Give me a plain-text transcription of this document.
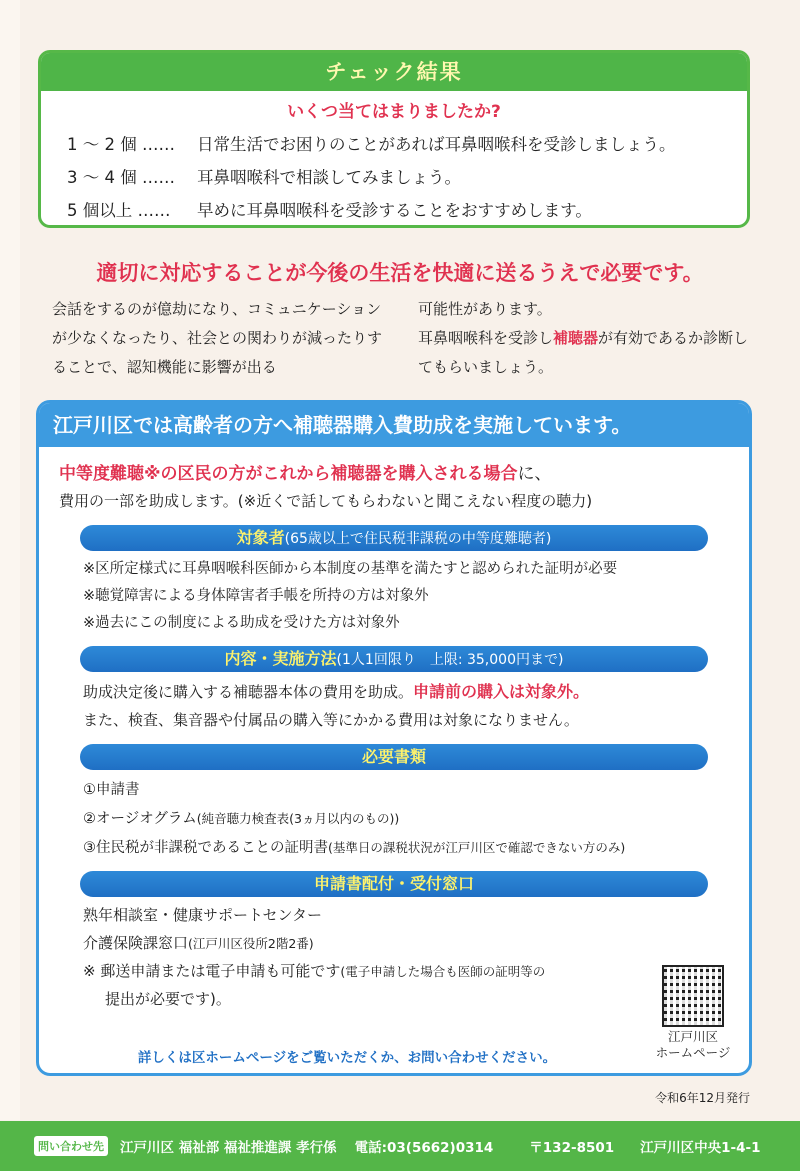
チェック結果
いくつ当てはまりましたか?
1 〜 2 個 ……	日常生活でお困りのことがあれば耳鼻咽喉科を受診しましょう。
3 〜 4 個 ……	耳鼻咽喉科で相談してみましょう。
5 個以上 ……	早めに耳鼻咽喉科を受診することをおすすめします。
適切に対応することが今後の生活を快適に送るうえで必要です。

会話をするのが億劫になり、コミュニケーションが少なくなったり、社会との関わりが減ったりすることで、認知機能に影響が出る

可能性があります。
耳鼻咽喉科を受診し補聴器が有効であるか診断してもらいましょう。
江戸川区では高齢者の方へ補聴器購入費助成を実施しています。
中等度難聴※の区民の方がこれから補聴器を購入される場合に、
費用の一部を助成します。(※近くで話してもらわないと聞こえない程度の聴力)
対象者(65歳以上で住民税非課税の中等度難聴者)
※区所定様式に耳鼻咽喉科医師から本制度の基準を満たすと認められた証明が必要
※聴覚障害による身体障害者手帳を所持の方は対象外
※過去にこの制度による助成を受けた方は対象外
内容・実施方法(1人1回限り　上限: 35,000円まで)
助成決定後に購入する補聴器本体の費用を助成。申請前の購入は対象外。
また、検査、集音器や付属品の購入等にかかる費用は対象になりません。
必要書類
①申請書
②オージオグラム(純音聴力検査表(3ヵ月以内のもの))
③住民税が非課税であることの証明書(基準日の課税状況が江戸川区で確認できない方のみ)
申請書配付・受付窓口
熟年相談室・健康サポートセンター
介護保険課窓口(江戸川区役所2階2番)
※ 郵送申請または電子申請も可能です(電子申請した場合も医師の証明等の
提出が必要です)。
詳しくは区ホームページをご覧いただくか、お問い合わせください。
江戸川区
ホームページ
令和6年12月発行
問い合わせ先 江戸川区 福祉部 福祉推進課 孝行係 電話:03(5662)0314	〒132-8501 江戸川区中央1-4-1
